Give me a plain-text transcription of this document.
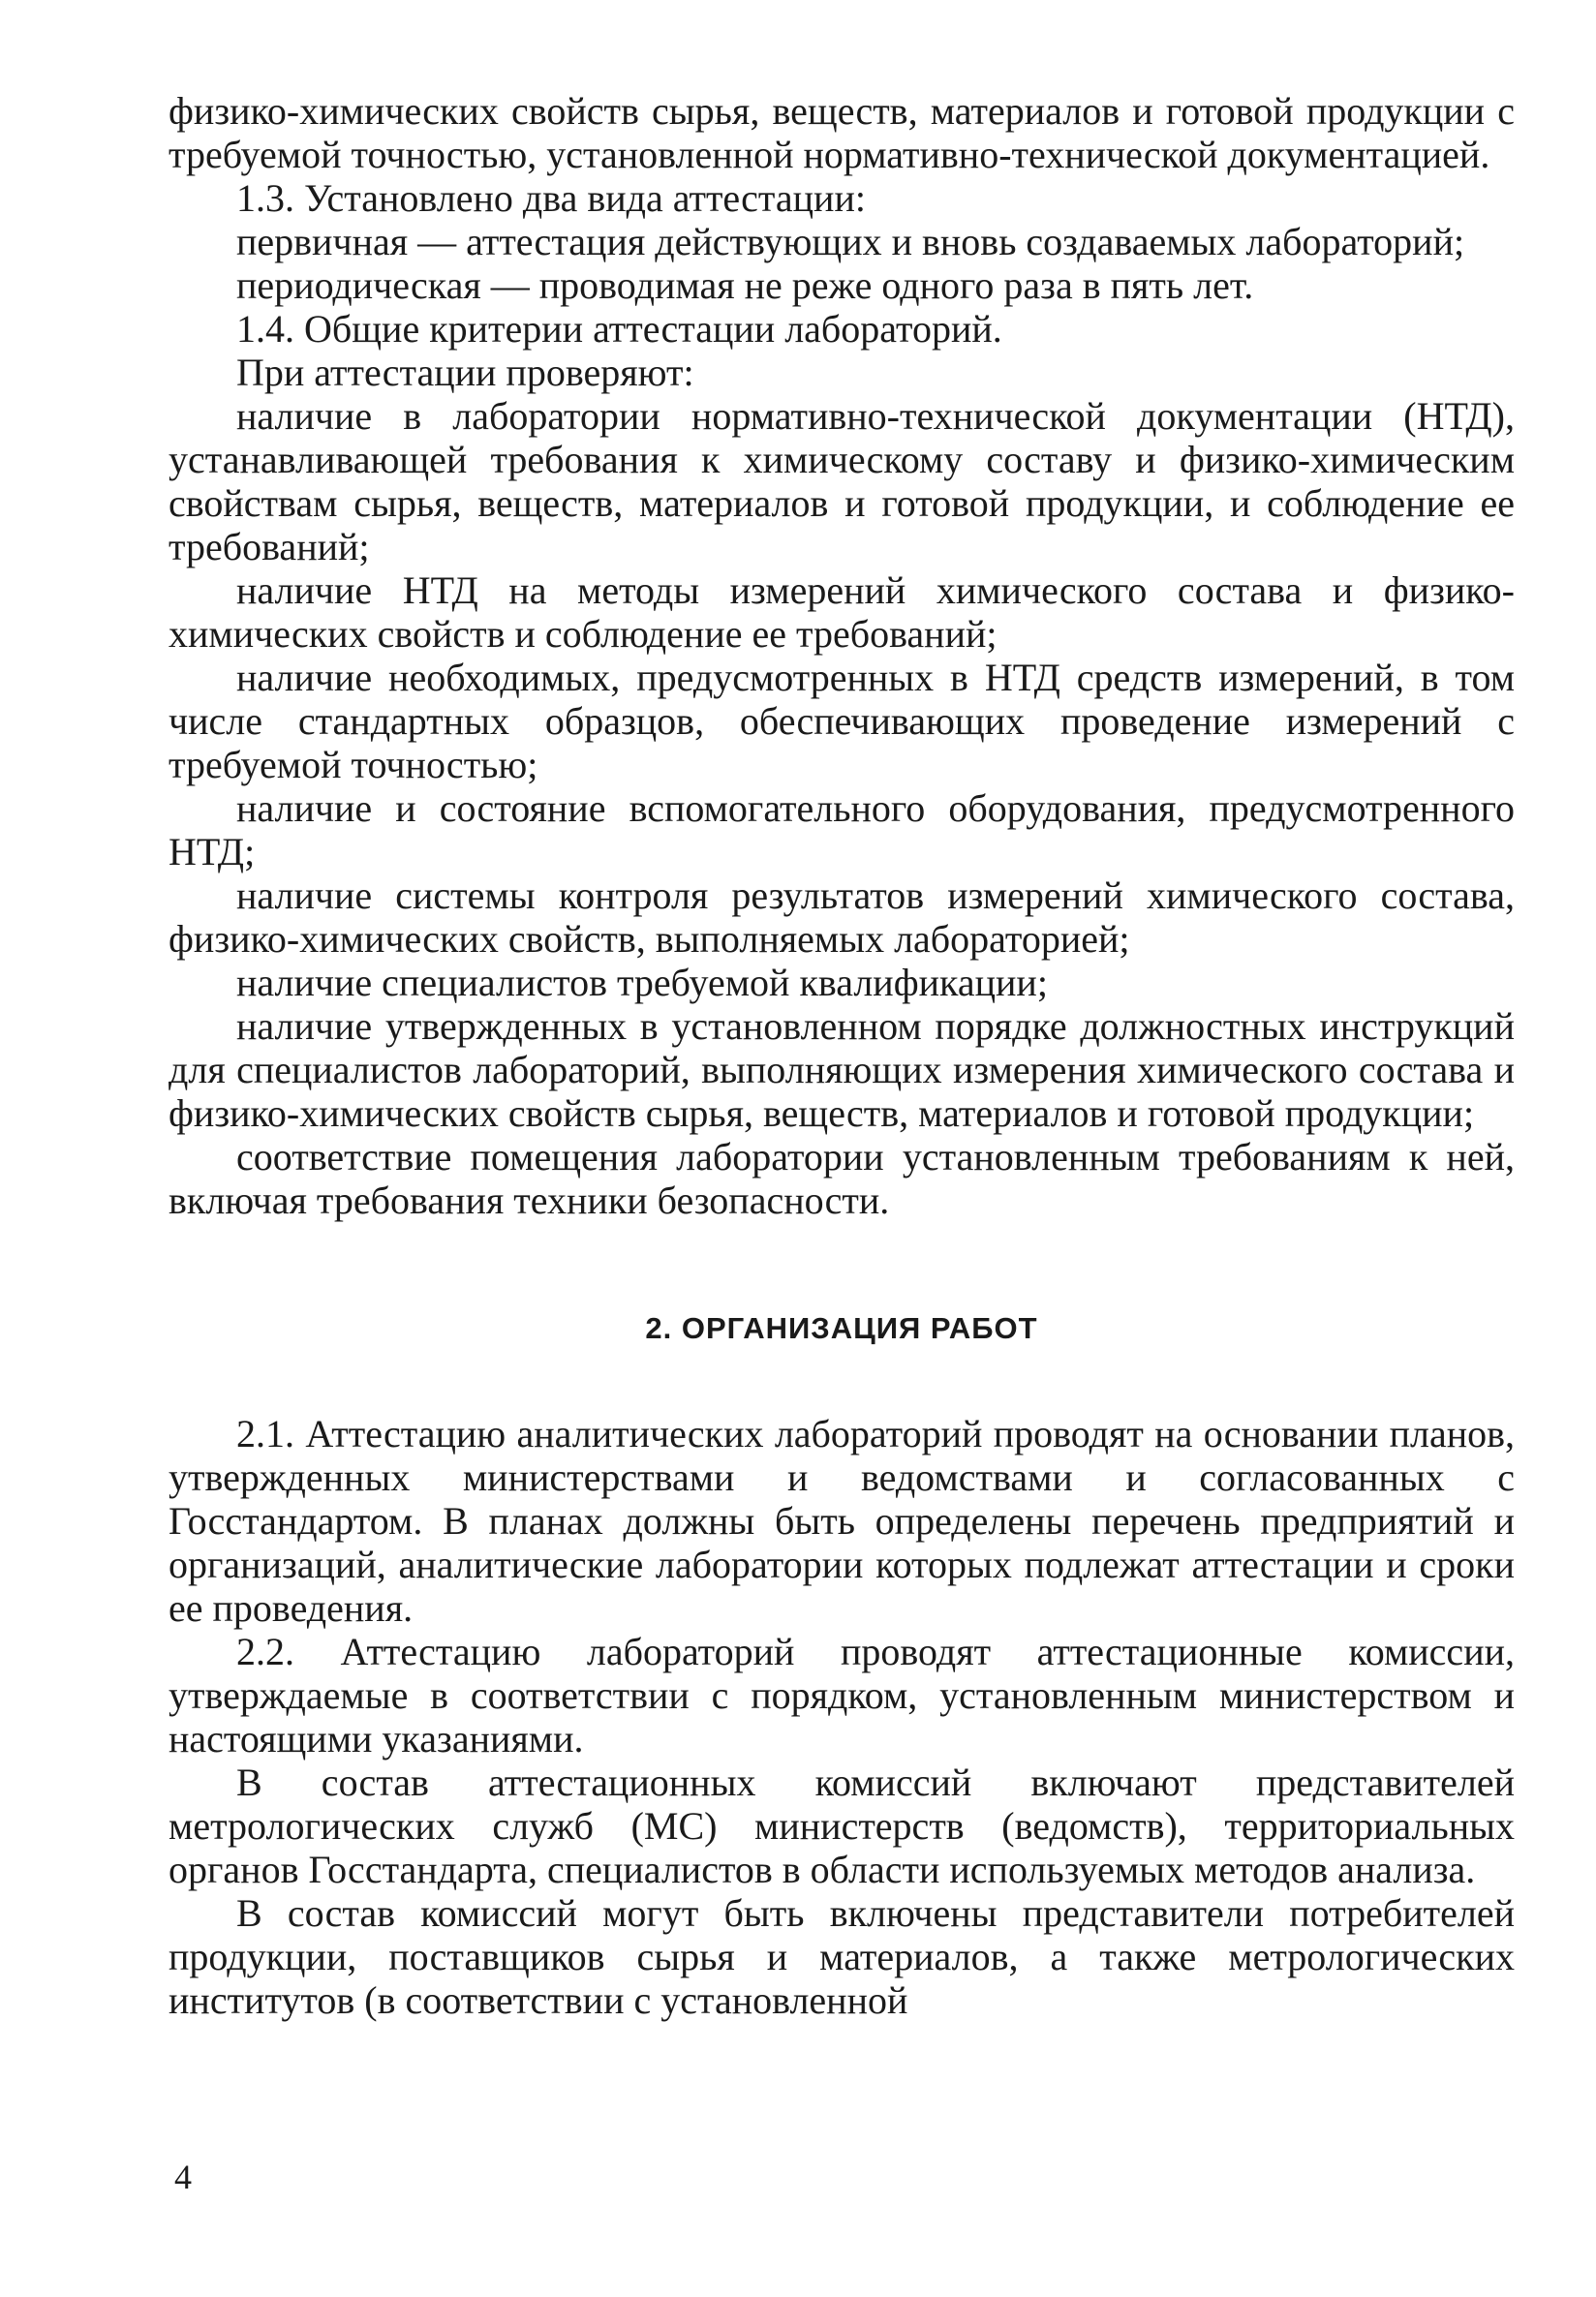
физико-химических свойств сырья, веществ, материалов и готовой продукции с требуемой точностью, установленной нормативно-технической документацией.

1.3. Установлено два вида аттестации:

первичная — аттестация действующих и вновь создаваемых лабораторий;

периодическая — проводимая не реже одного раза в пять лет.

1.4. Общие критерии аттестации лабораторий.

При аттестации проверяют:

наличие в лаборатории нормативно-технической документации (НТД), устанавливающей требования к химическому составу и физико-химическим свойствам сырья, веществ, материалов и готовой продукции, и соблюдение ее требований;

наличие НТД на методы измерений химического состава и физико-химических свойств и соблюдение ее требований;

наличие необходимых, предусмотренных в НТД средств измерений, в том числе стандартных образцов, обеспечивающих проведение измерений с требуемой точностью;

наличие и состояние вспомогательного оборудования, предусмотренного НТД;

наличие системы контроля результатов измерений химического состава, физико-химических свойств, выполняемых лабораторией;

наличие специалистов требуемой квалификации;

наличие утвержденных в установленном порядке должностных инструкций для специалистов лабораторий, выполняющих измерения химического состава и физико-химических свойств сырья, веществ, материалов и готовой продукции;

соответствие помещения лаборатории установленным требованиям к ней, включая требования техники безопасности.

2. ОРГАНИЗАЦИЯ РАБОТ

2.1. Аттестацию аналитических лабораторий проводят на основании планов, утвержденных министерствами и ведомствами и согласованных с Госстандартом. В планах должны быть определены перечень предприятий и организаций, аналитические лаборатории которых подлежат аттестации и сроки ее проведения.

2.2. Аттестацию лабораторий проводят аттестационные комиссии, утверждаемые в соответствии с порядком, установленным министерством и настоящими указаниями.

В состав аттестационных комиссий включают представителей метрологических служб (МС) министерств (ведомств), территориальных органов Госстандарта, специалистов в области используемых методов анализа.

В состав комиссий могут быть включены представители потребителей продукции, поставщиков сырья и материалов, а также метрологических институтов (в соответствии с установленной

4
